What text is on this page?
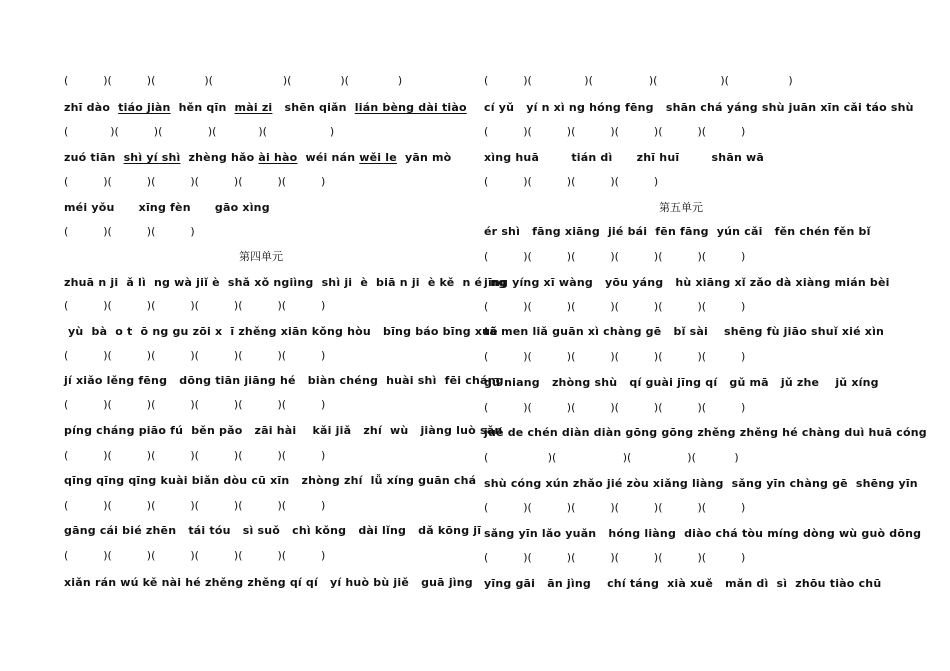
(          )(          )(              )(                    )(              )(              )
zhī dào  tiáo jiàn  hěn qīn  mài zi   shēn qiǎn  lián bèng dài tiào
(            )(          )(             )(            )(                  )
zuó tiān  shì yí shì  zhèng hǎo ài hào  wéi nán wěi le  yān mò
(          )(          )(          )(          )(          )(          )
méi yǒu      xīng fèn      gāo xìng
(          )(          )(          )
第四单元
zhuā n ji  ǎ lì  ng wà jiǐ è  shǎ xǒ ngiìng  shì ji  è  biā n ji  è kě  n é  ng
(          )(          )(          )(          )(          )(          )
yù  bà  o t  ō ng gu zōi x  ī zhěng xiān kǒng hòu   bīng báo bīng xuě
(          )(          )(          )(          )(          )(          )
jí xiǎo lěng fēng   dōng tiān jiāng hé   biàn chéng  huài shì  fēi cháng
(          )(          )(          )(          )(          )(          )
píng cháng piāo fú  běn pǎo   zāi hài    kǎi jiǎ   zhí  wù   jiàng luò sǎn
(          )(          )(          )(          )(          )(          )
qīng qīng qīng kuài biǎn dòu cū xīn   zhòng zhí  lǚ xíng guān chá
(          )(          )(          )(          )(          )(          )
gāng cái bié zhēn   tái tóu   sì suǒ   chì kǒng   dài lǐng   dǎ kōng jī
(          )(          )(          )(          )(          )(          )
xiǎn rán wú kě nài hé zhěng zhěng qí qí   yí huò bù jiě   guā jìng
(          )(               )(                )(                  )(                 )
cí yǔ   yí n xì ng hóng fēng   shān chá yáng shù juān xīn cǎi táo shù
(          )(          )(          )(          )(          )(          )
xìng huā        tián dì      zhī huī        shān wā
(          )(          )(          )(          )
第五单元
ér shì   fāng xiāng  jié bái  fēn fāng  yún cǎi   fěn chén fěn bǐ
(          )(          )(          )(          )(          )(          )
jīng yíng xī wàng   yōu yáng   hù xiāng xǐ zǎo dà xiàng mián bèi
(          )(          )(          )(          )(          )(          )
tā men liǎ guān xì chàng gē   bǐ sài    shēng fù jiāo shuǐ xié xìn
(          )(          )(          )(          )(          )(          )
gū niang   zhòng shù   qí guài jīng qí   gǔ mā   jǔ zhe    jǔ xíng
(          )(          )(          )(          )(          )(          )
jué de chén diàn diàn gōng gōng zhěng zhěng hé chàng duì huā cóng
(                 )(                   )(                )(           )
shù cóng xún zhǎo jié zòu xiǎng liàng  sǎng yīn chàng gē  shēng yīn
(          )(          )(          )(          )(          )(          )
sǎng yīn lǎo yuǎn   hóng liàng  diào chá tòu míng dòng wù guò dōng
(          )(          )(          )(          )(          )(          )
yīng gāi   ān jìng    chí táng  xià xuě   mǎn dì  sì  zhōu tiào chū
